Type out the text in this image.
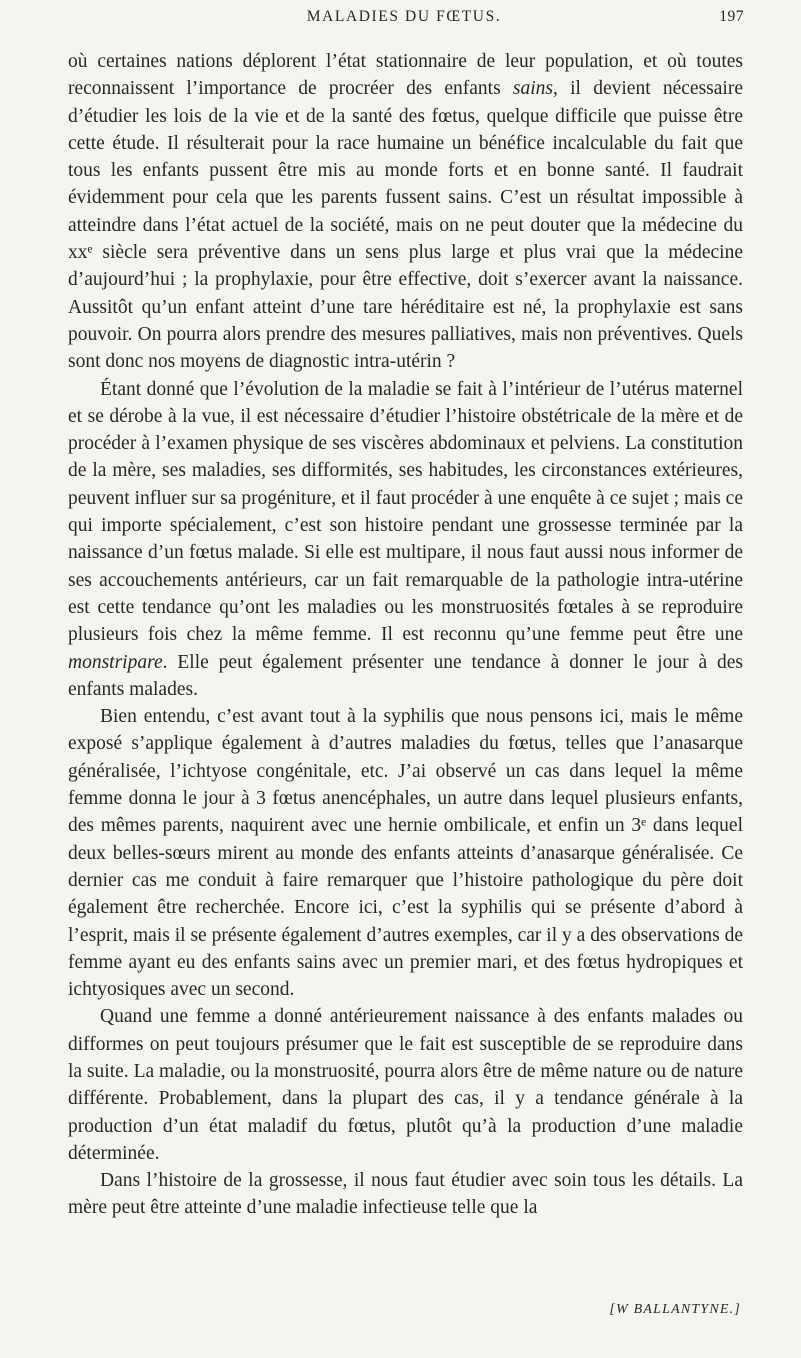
MALADIES DU FŒTUS.	197

où certaines nations déplorent l’état stationnaire de leur population, et où toutes reconnaissent l’importance de procréer des enfants sains, il devient nécessaire d’étudier les lois de la vie et de la santé des fœtus, quelque difficile que puisse être cette étude. Il résulterait pour la race humaine un bénéfice incalculable du fait que tous les enfants pussent être mis au monde forts et en bonne santé. Il faudrait évidemment pour cela que les parents fussent sains. C’est un résultat impossible à atteindre dans l’état actuel de la société, mais on ne peut douter que la médecine du xxᵉ siècle sera préventive dans un sens plus large et plus vrai que la médecine d’aujourd’hui ; la prophylaxie, pour être effective, doit s’exercer avant la naissance. Aussitôt qu’un enfant atteint d’une tare héréditaire est né, la prophylaxie est sans pouvoir. On pourra alors prendre des mesures palliatives, mais non préventives. Quels sont donc nos moyens de diagnostic intra-utérin ?

Étant donné que l’évolution de la maladie se fait à l’intérieur de l’utérus maternel et se dérobe à la vue, il est nécessaire d’étudier l’histoire obstétricale de la mère et de procéder à l’examen physique de ses viscères abdominaux et pelviens. La constitution de la mère, ses maladies, ses difformités, ses habitudes, les circonstances extérieures, peuvent influer sur sa progéniture, et il faut procéder à une enquête à ce sujet ; mais ce qui importe spécialement, c’est son histoire pendant une grossesse terminée par la naissance d’un fœtus malade. Si elle est multipare, il nous faut aussi nous informer de ses accouchements antérieurs, car un fait remarquable de la pathologie intra-utérine est cette tendance qu’ont les maladies ou les monstruosités fœtales à se reproduire plusieurs fois chez la même femme. Il est reconnu qu’une femme peut être une monstripare. Elle peut également présenter une tendance à donner le jour à des enfants malades.

Bien entendu, c’est avant tout à la syphilis que nous pensons ici, mais le même exposé s’applique également à d’autres maladies du fœtus, telles que l’anasarque généralisée, l’ichtyose congénitale, etc. J’ai observé un cas dans lequel la même femme donna le jour à 3 fœtus anencéphales, un autre dans lequel plusieurs enfants, des mêmes parents, naquirent avec une hernie ombilicale, et enfin un 3ᵉ dans lequel deux belles-sœurs mirent au monde des enfants atteints d’anasarque généralisée. Ce dernier cas me conduit à faire remarquer que l’histoire pathologique du père doit également être recherchée. Encore ici, c’est la syphilis qui se présente d’abord à l’esprit, mais il se présente également d’autres exemples, car il y a des observations de femme ayant eu des enfants sains avec un premier mari, et des fœtus hydropiques et ichtyosiques avec un second.

Quand une femme a donné antérieurement naissance à des enfants malades ou difformes on peut toujours présumer que le fait est susceptible de se reproduire dans la suite. La maladie, ou la monstruosité, pourra alors être de même nature ou de nature différente. Probablement, dans la plupart des cas, il y a tendance générale à la production d’un état maladif du fœtus, plutôt qu’à la production d’une maladie déterminée.

Dans l’histoire de la grossesse, il nous faut étudier avec soin tous les détails. La mère peut être atteinte d’une maladie infectieuse telle que la

[W BALLANTYNE.]
